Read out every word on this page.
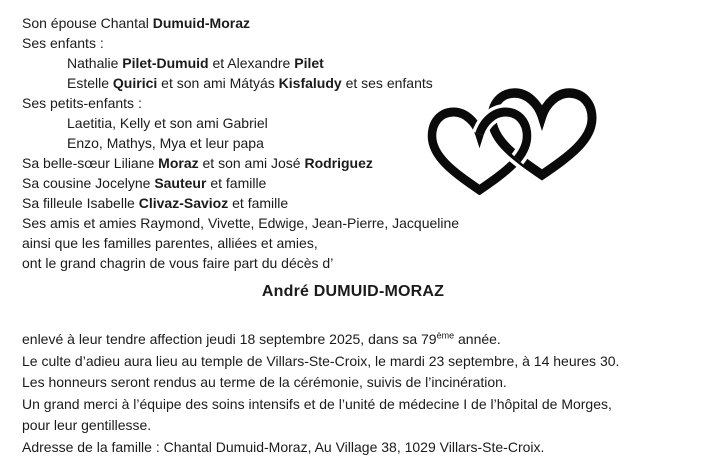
Son épouse Chantal Dumuid-Moraz
Ses enfants :
Nathalie Pilet-Dumuid et Alexandre Pilet
Estelle Quirici et son ami Mátyás Kisfaludy et ses enfants
Ses petits-enfants :
Laetitia, Kelly et son ami Gabriel
Enzo, Mathys, Mya et leur papa
Sa belle-sœur Liliane Moraz et son ami José Rodriguez
Sa cousine Jocelyne Sauteur et famille
Sa filleule Isabelle Clivaz-Savioz et famille
Ses amis et amies Raymond, Vivette, Edwige, Jean-Pierre, Jacqueline
ainsi que les familles parentes, alliées et amies,
ont le grand chagrin de vous faire part du décès d’
André DUMUID-MORAZ
enlevé à leur tendre affection jeudi 18 septembre 2025, dans sa 79ème année.
Le culte d’adieu aura lieu au temple de Villars-Ste-Croix, le mardi 23 septembre, à 14 heures 30.
Les honneurs seront rendus au terme de la cérémonie, suivis de l’incinération.
Un grand merci à l’équipe des soins intensifs et de l’unité de médecine I de l’hôpital de Morges,
pour leur gentillesse.
Adresse de la famille : Chantal Dumuid-Moraz, Au Village 38, 1029 Villars-Ste-Croix.
